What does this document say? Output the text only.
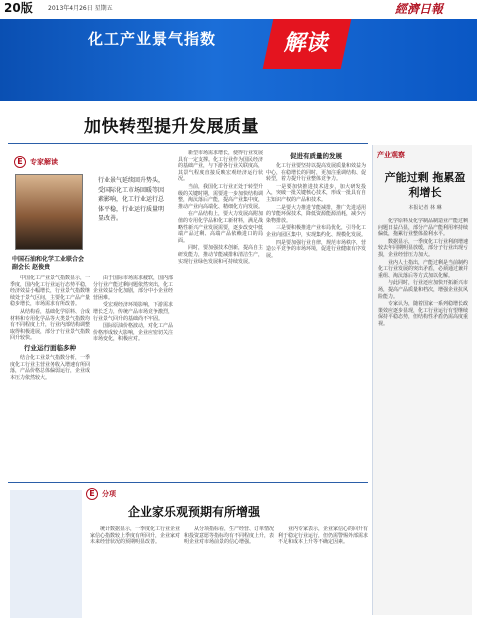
20版	2013年4月26日 星期五	經濟日報
化工产业景气指数	解读
加快转型提升发展质量
E	专家解读

行业景气延续回升势头，受国际化工市场回暖等因素影响，化工行业运行总体平稳，行业运行质量明显改善。

中国石油和化学工业联合会 副会长 赵俊贵

中国化工产业景气指数显示，一季度，国内化工行业运行态势平稳，经济效益小幅增长，行业景气指数继续处于景气区间，主要化工产品产量稳步增长，市场需求有所改善。

从结构看，基础化学原料、合成材料和专用化学品等大类景气指数均有不同程度上升，行业内部结构调整取得积极进展，部分子行业景气指数回升较快。

行业运行面临多种

结合化工业景气指数分析，一季度化工行业主营业务收入增速有所回落，产品价格总体偏弱运行，企业成本压力依然较大。

由于国际市场需求疲软，国内部分行业产能过剩问题依然突出，化工企业效益分化加剧，部分中小企业经营困难。

受宏观经济环境影响，下游需求增长乏力，传统产品市场竞争激烈，行业景气回升的基础尚不牢固。

国际原油价格波动，对化工产品价格形成较大影响，企业应密切关注市场变化，积极应对。

新型市场需求增长，使得行业发展具有一定支撑。化工行业作为国民经济的基础产业，与下游各行业关联度高，其景气程度直接反映宏观经济运行状况。

当前，我国化工行业正处于转型升级的关键时期，需要进一步加快结构调整，淘汰落后产能，提高产业集中度，推动产业向高端化、精细化方向发展。

在产品结构上，要大力发展高附加值的专用化学品和化工新材料，满足战略性新兴产业发展需要，逐步改变中低端产品过剩、高端产品依赖进口的局面。

同时，要加强技术创新，提高自主研发能力，推动节能减排和清洁生产，实现行业绿色发展和可持续发展。

促进有质量的发展

化工行业要坚持以提高发展质量和效益为中心，在稳增长的同时，更加注重调结构、促转型，着力提升行业整体竞争力。

一是要加快推进技术进步，加大研发投入，突破一批关键核心技术，形成一批具有自主知识产权的产品和技术。

二是要大力推进节能减排，推广先进适用的节能环保技术，降低资源能源消耗，减少污染物排放。

三是要积极推进产业布局优化，引导化工企业向园区集中，实现集约化、规模化发展。

四是要加强行业自律，规范市场秩序，营造公平竞争的市场环境，促进行业健康有序发展。

产业观察
产能过剩 拖累盈利增长
本报记者 林 琳

化学原料及化学制品制造业产能过剩问题日益凸显，部分产品产能利用率持续偏低，拖累行业整体盈利水平。

数据显示，一季度化工行业利润增速较去年同期明显放缓，部分子行业出现亏损，企业经营压力加大。

业内人士指出，产能过剩是当前制约化工行业发展的突出矛盾，必须通过兼并重组、淘汰落后等方式加以化解。

与此同时，行业还应加快开拓新兴市场，提高产品质量和档次，增强企业抗风险能力。

专家认为，随着国家一系列稳增长政策效应逐步显现，化工行业运行有望继续保持平稳态势，但结构性矛盾仍需高度重视。

E	分项
企业家乐观预期有所增强

统计数据显示，一季度化工行业企业家信心指数较上季度有所回升，企业家对未来经营状况的预期明显改善。

从分项指标看，生产经营、订单情况和投资意愿等指标均有不同程度上升，表明企业对市场前景的信心增强。

业内专家表示，企业家信心的回升有利于稳定行业运行，但仍需警惕外部需求不足和成本上升等不确定因素。
